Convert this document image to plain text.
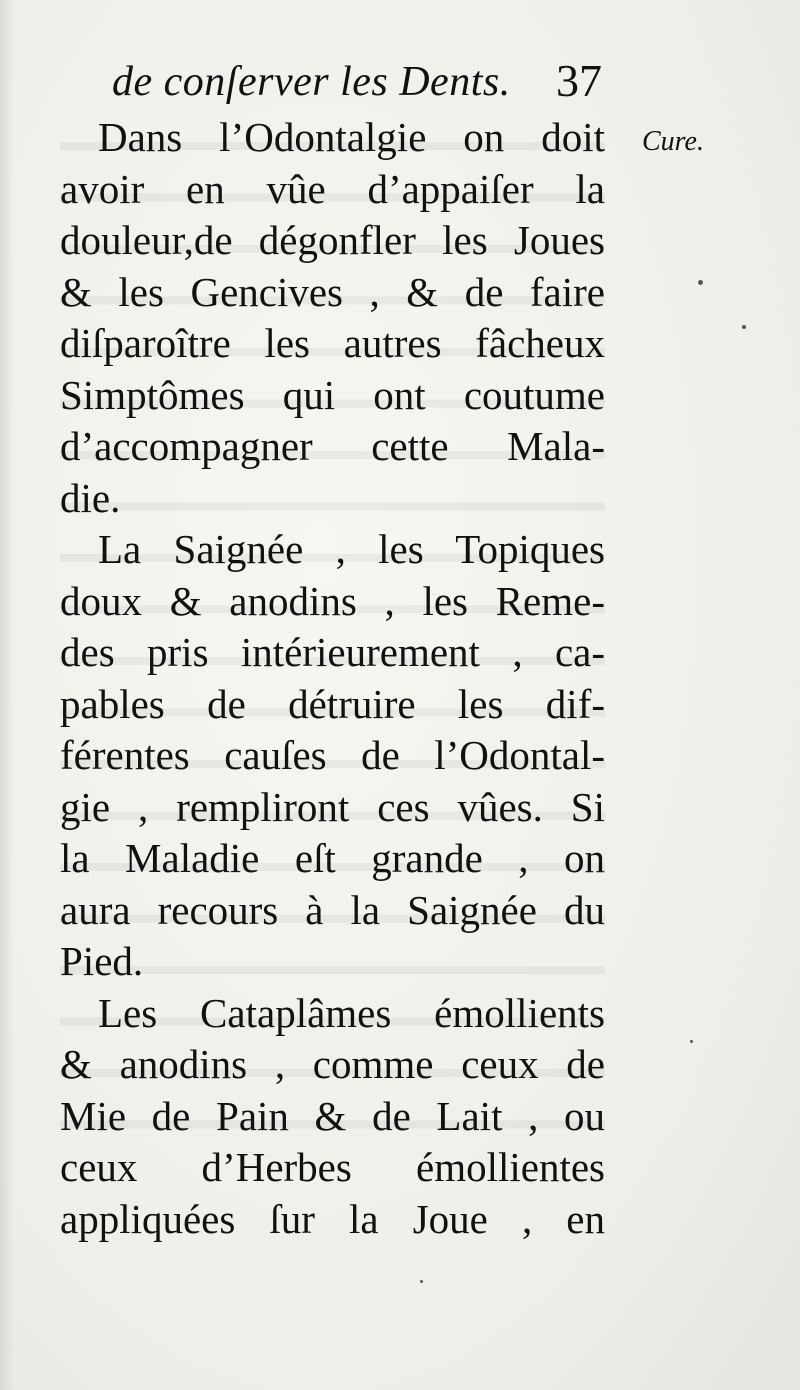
de conſerver les Dents. 37
Cure.
Dans l’Odontalgie on doit
avoir en vûe d’appaiſer la
douleur,de dégonfler les Joues
& les Gencives , & de faire
diſparoître les autres fâcheux
Simptômes qui ont coutume
d’accompagner cette Mala-
die.
La Saignée , les Topiques
doux & anodins , les Reme-
des pris intérieurement , ca-
pables de détruire les dif-
férentes cauſes de l’Odontal-
gie , rempliront ces vûes. Si
la Maladie eſt grande , on
aura recours à la Saignée du
Pied.
Les Cataplâmes émollients
& anodins , comme ceux de
Mie de Pain & de Lait , ou
ceux d’Herbes émollientes
appliquées ſur la Joue , en
